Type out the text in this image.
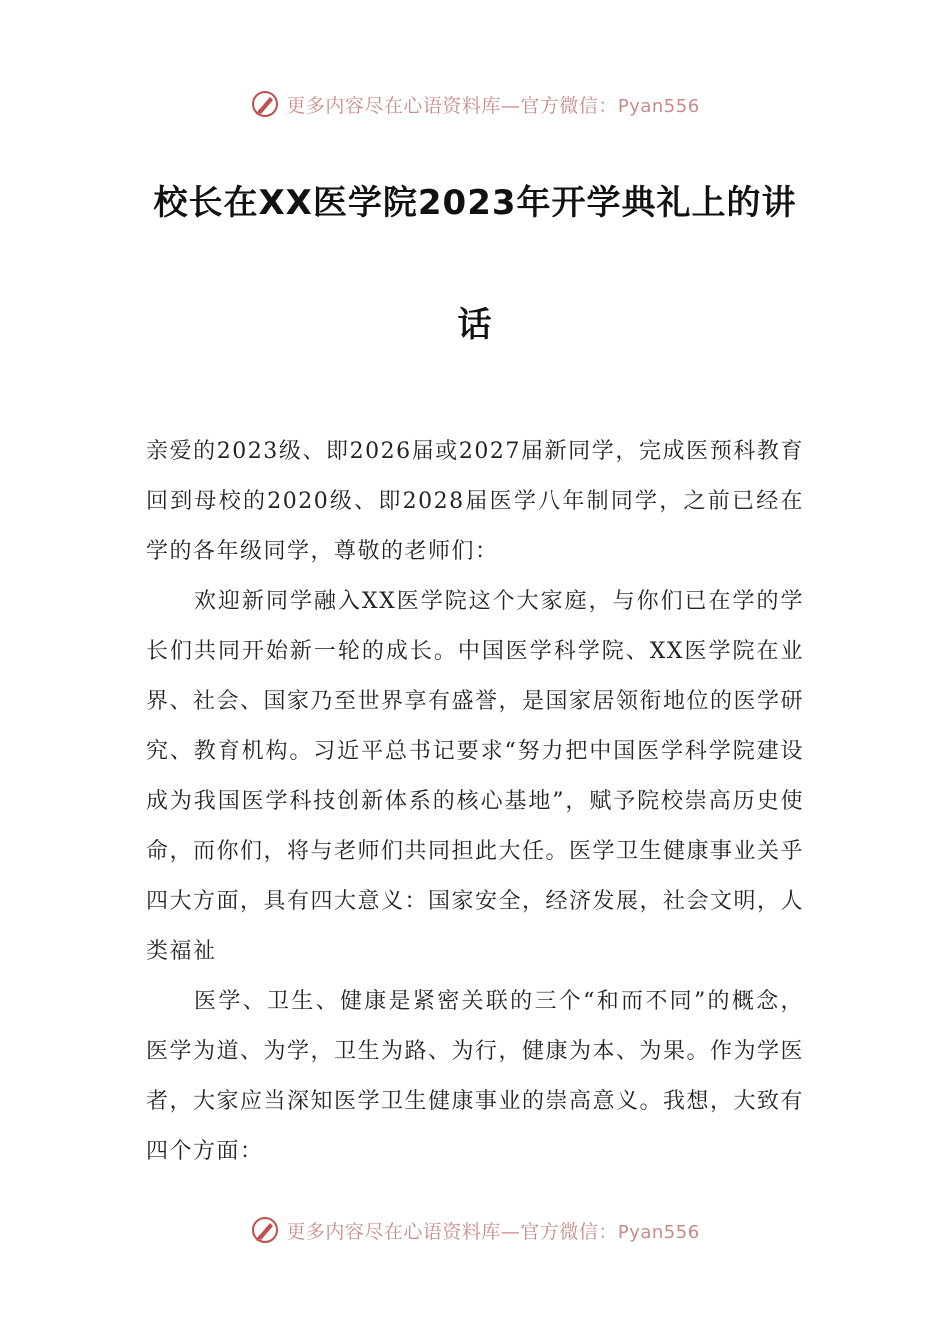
更多内容尽在心语资料库—官方微信：Pyan556
校长在XX医学院2023年开学典礼上的讲
话

亲爱的2023级、即2026届或2027届新同学，完成医预科教育回到母校的2020级、即2028届医学八年制同学，之前已经在学的各年级同学，尊敬的老师们：

欢迎新同学融入XX医学院这个大家庭，与你们已在学的学长们共同开始新一轮的成长。中国医学科学院、XX医学院在业界、社会、国家乃至世界享有盛誉，是国家居领衔地位的医学研究、教育机构。习近平总书记要求“努力把中国医学科学院建设成为我国医学科技创新体系的核心基地”，赋予院校崇高历史使命，而你们，将与老师们共同担此大任。医学卫生健康事业关乎四大方面，具有四大意义：国家安全，经济发展，社会文明，人类福祉

医学、卫生、健康是紧密关联的三个“和而不同”的概念，医学为道、为学，卫生为路、为行，健康为本、为果。作为学医者，大家应当深知医学卫生健康事业的崇高意义。我想，大致有四个方面：

更多内容尽在心语资料库—官方微信：Pyan556
